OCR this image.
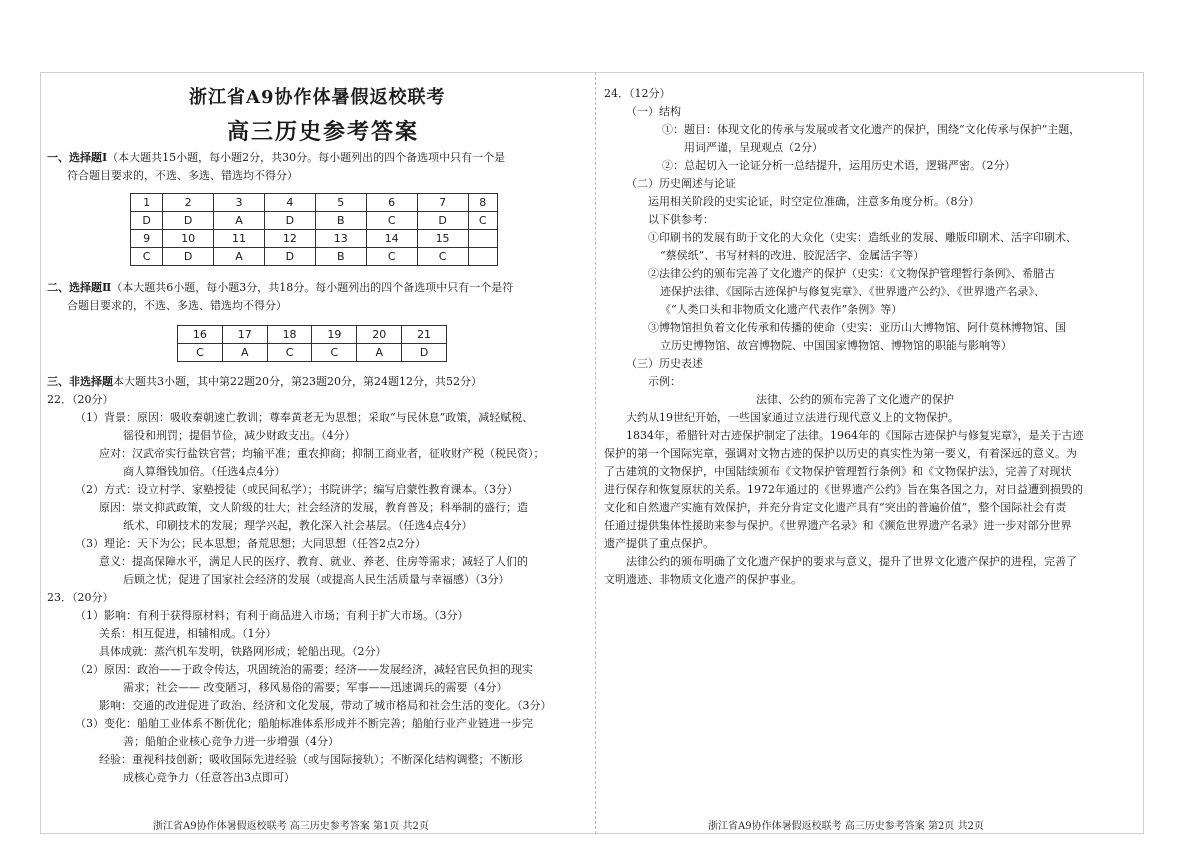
浙江省A9协作体暑假返校联考
高三历史参考答案
一、选择题Ⅰ（本大题共15小题，每小题2分，共30分。每小题列出的四个备选项中只有一个是
符合题目要求的，不选、多选、错选均不得分）
1	2	3	4	5	6	7	8
D	D	A	D	B	C	D	C
9	10	11	12	13	14	15	
C	D	A	D	B	C	C	
二、选择题Ⅱ（本大题共6小题，每小题3分，共18分。每小题列出的四个备选项中只有一个是符
合题目要求的，不选、多选、错选均不得分）
16	17	18	19	20	21
C	A	C	C	A	D
三、非选择题本大题共3小题，其中第22题20分，第23题20分，第24题12分，共52分）
22．（20分）
（1）背景：原因：吸收秦朝速亡教训；尊奉黄老无为思想；采取“与民休息”政策，减轻赋税、
徭役和刑罚；提倡节俭，减少财政支出。（4分）
应对：汉武帝实行盐铁官营；均输平准；重农抑商；抑制工商业者，征收财产税（税民资）；
商人算缗钱加倍。（任选4点4分）
（2）方式：设立村学、家塾授徒（或民间私学）；书院讲学；编写启蒙性教育课本。（3分）
原因：崇文抑武政策，文人阶级的壮大；社会经济的发展，教育普及；科举制的盛行；造
纸术、印刷技术的发展；理学兴起，教化深入社会基层。（任选4点4分）
（3）理论：天下为公；民本思想；备荒思想；大同思想（任答2点2分）
意义：提高保障水平，满足人民的医疗、教育、就业、养老、住房等需求；减轻了人们的
后顾之忧；促进了国家社会经济的发展（或提高人民生活质量与幸福感）（3分）
23．（20分）
（1）影响：有利于获得原材料；有利于商品进入市场；有利于扩大市场。（3分）
关系：相互促进，相辅相成。（1分）
具体成就：蒸汽机车发明，铁路网形成；轮船出现。（2分）
（2）原因：政治——于政令传达，巩固统治的需要；经济——发展经济，减轻官民负担的现实
需求；社会—— 改变陋习，移风易俗的需要；军事——迅速调兵的需要（4分）
影响：交通的改进促进了政治、经济和文化发展，带动了城市格局和社会生活的变化。（3分）
（3）变化：船舶工业体系不断优化；船舶标准体系形成并不断完善；船舶行业产业链进一步完
善；船舶企业核心竞争力进一步增强（4分）
经验：重视科技创新；吸收国际先进经验（或与国际接轨）；不断深化结构调整；不断形
成核心竞争力（任意答出3点即可）
浙江省A9协作体暑假返校联考 高三历史参考答案 第1页 共2页
24．（12分）
（一）结构
①：题目：体现文化的传承与发展或者文化遗产的保护，围绕“文化传承与保护”主题，
用词严谨，呈现观点（2分）
②：总起切入一论证分析一总结提升，运用历史术语，逻辑严密。（2分）
（二）历史阐述与论证
运用相关阶段的史实论证，时空定位准确，注意多角度分析。（8分）
以下供参考：
①印刷书的发展有助于文化的大众化（史实：造纸业的发展、雕版印刷术、活字印刷术、
“蔡侯纸”、书写材料的改进、胶泥活字、金属活字等）
②法律公约的颁布完善了文化遗产的保护（史实：《文物保护管理暂行条例》、希腊古
迹保护法律、《国际古迹保护与修复宪章》、《世界遗产公约》、《世界遗产名录》、
《“人类口头和非物质文化遗产代表作”条例》等）
③博物馆担负着文化传承和传播的使命（史实：亚历山大博物馆、阿什莫林博物馆、国
立历史博物馆、故宫博物院、中国国家博物馆、博物馆的职能与影响等）
（三）历史表述
示例：
法律、公约的颁布完善了文化遗产的保护
大约从19世纪开始，一些国家通过立法进行现代意义上的文物保护。
1834年，希腊针对古迹保护制定了法律。1964年的《国际古迹保护与修复宪章》，是关于古迹
保护的第一个国际宪章，强调对文物古迹的保护以历史的真实性为第一要义，有着深远的意义。为
了古建筑的文物保护，中国陆续颁布《文物保护管理暂行条例》和《文物保护法》，完善了对现状
进行保存和恢复原状的关系。1972年通过的《世界遗产公约》旨在集各国之力，对日益遭到损毁的
文化和自然遗产实施有效保护，并充分肯定文化遗产具有“突出的普遍价值”，整个国际社会有责
任通过提供集体性援助来参与保护。《世界遗产名录》和《濒危世界遗产名录》进一步对部分世界
遗产提供了重点保护。
法律公约的颁布明确了文化遗产保护的要求与意义，提升了世界文化遗产保护的进程，完善了
文明遗迹、非物质文化遗产的保护事业。
浙江省A9协作体暑假返校联考 高三历史参考答案 第2页 共2页
